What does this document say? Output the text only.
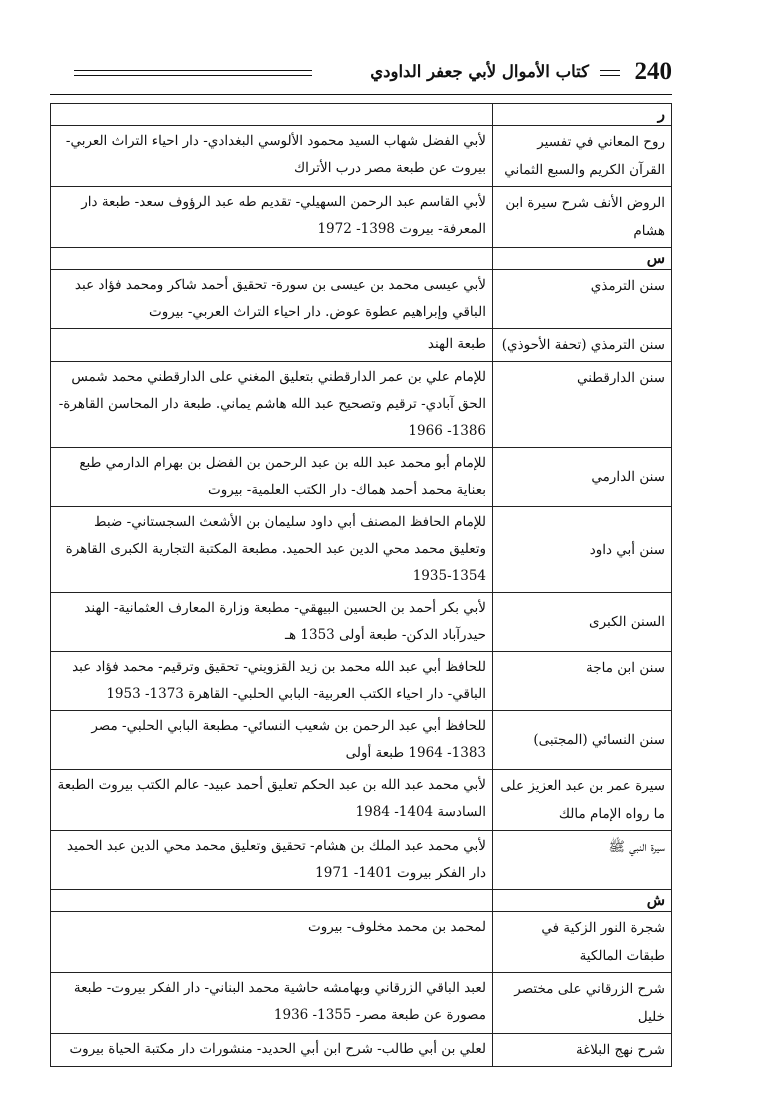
240
كتاب الأموال لأبي جعفر الداودي
ر	
روح المعاني في تفسير القرآن الكريم والسبع الثماني	لأبي الفضل شهاب السيد محمود الألوسي البغدادي- دار احياء التراث العربي- بيروت عن طبعة مصر درب الأتراك
الروض الأنف شرح سيرة ابن هشام	لأبي القاسم عبد الرحمن السهيلي- تقديم طه عبد الرؤوف سعد- طبعة دار المعرفة- بيروت 1398- 1972
س	
سنن الترمذي	لأبي عيسى محمد بن عيسى بن سورة- تحقيق أحمد شاكر ومحمد فؤاد عبد الباقي وإبراهيم عطوة عوض. دار احياء التراث العربي- بيروت
سنن الترمذي (تحفة الأحوذي)	طبعة الهند
سنن الدارقطني	للإمام علي بن عمر الدارقطني بتعليق المغني على الدارقطني محمد شمس الحق آبادي- ترقيم وتصحيح عبد الله هاشم يماني. طبعة دار المحاسن القاهرة- 1386- 1966
سنن الدارمي	للإمام أبو محمد عبد الله بن عبد الرحمن بن الفضل بن بهرام الدارمي طبع بعناية محمد أحمد هماك- دار الكتب العلمية- بيروت
سنن أبي داود	للإمام الحافظ المصنف أبي داود سليمان بن الأشعث السجستاني- ضبط وتعليق محمد محي الدين عبد الحميد. مطبعة المكتبة التجارية الكبرى القاهرة 1354-1935
السنن الكبرى	لأبي بكر أحمد بن الحسين البيهقي- مطبعة وزارة المعارف العثمانية- الهند حيدرآباد الدكن- طبعة أولى 1353 هـ
سنن ابن ماجة	للحافظ أبي عبد الله محمد بن زيد القزويني- تحقيق وترقيم- محمد فؤاد عبد الباقي- دار احياء الكتب العربية- البابي الحلبي- القاهرة 1373- 1953
سنن النسائي (المجتبى)	للحافظ أبي عبد الرحمن بن شعيب النسائي- مطبعة البابي الحلبي- مصر 1383- 1964 طبعة أولى
سيرة عمر بن عبد العزيز على ما رواه الإمام مالك	لأبي محمد عبد الله بن عبد الحكم تعليق أحمد عبيد- عالم الكتب بيروت الطبعة السادسة 1404- 1984
سيرة النبي ﷺ	لأبي محمد عبد الملك بن هشام- تحقيق وتعليق محمد محي الدين عبد الحميد دار الفكر بيروت 1401- 1971
ش	
شجرة النور الزكية في طبقات المالكية	لمحمد بن محمد مخلوف- بيروت
شرح الزرقاني على مختصر خليل	لعبد الباقي الزرقاني وبهامشه حاشية محمد البناني- دار الفكر بيروت- طبعة مصورة عن طبعة مصر- 1355- 1936
شرح نهج البلاغة	لعلي بن أبي طالب- شرح ابن أبي الحديد- منشورات دار مكتبة الحياة بيروت
